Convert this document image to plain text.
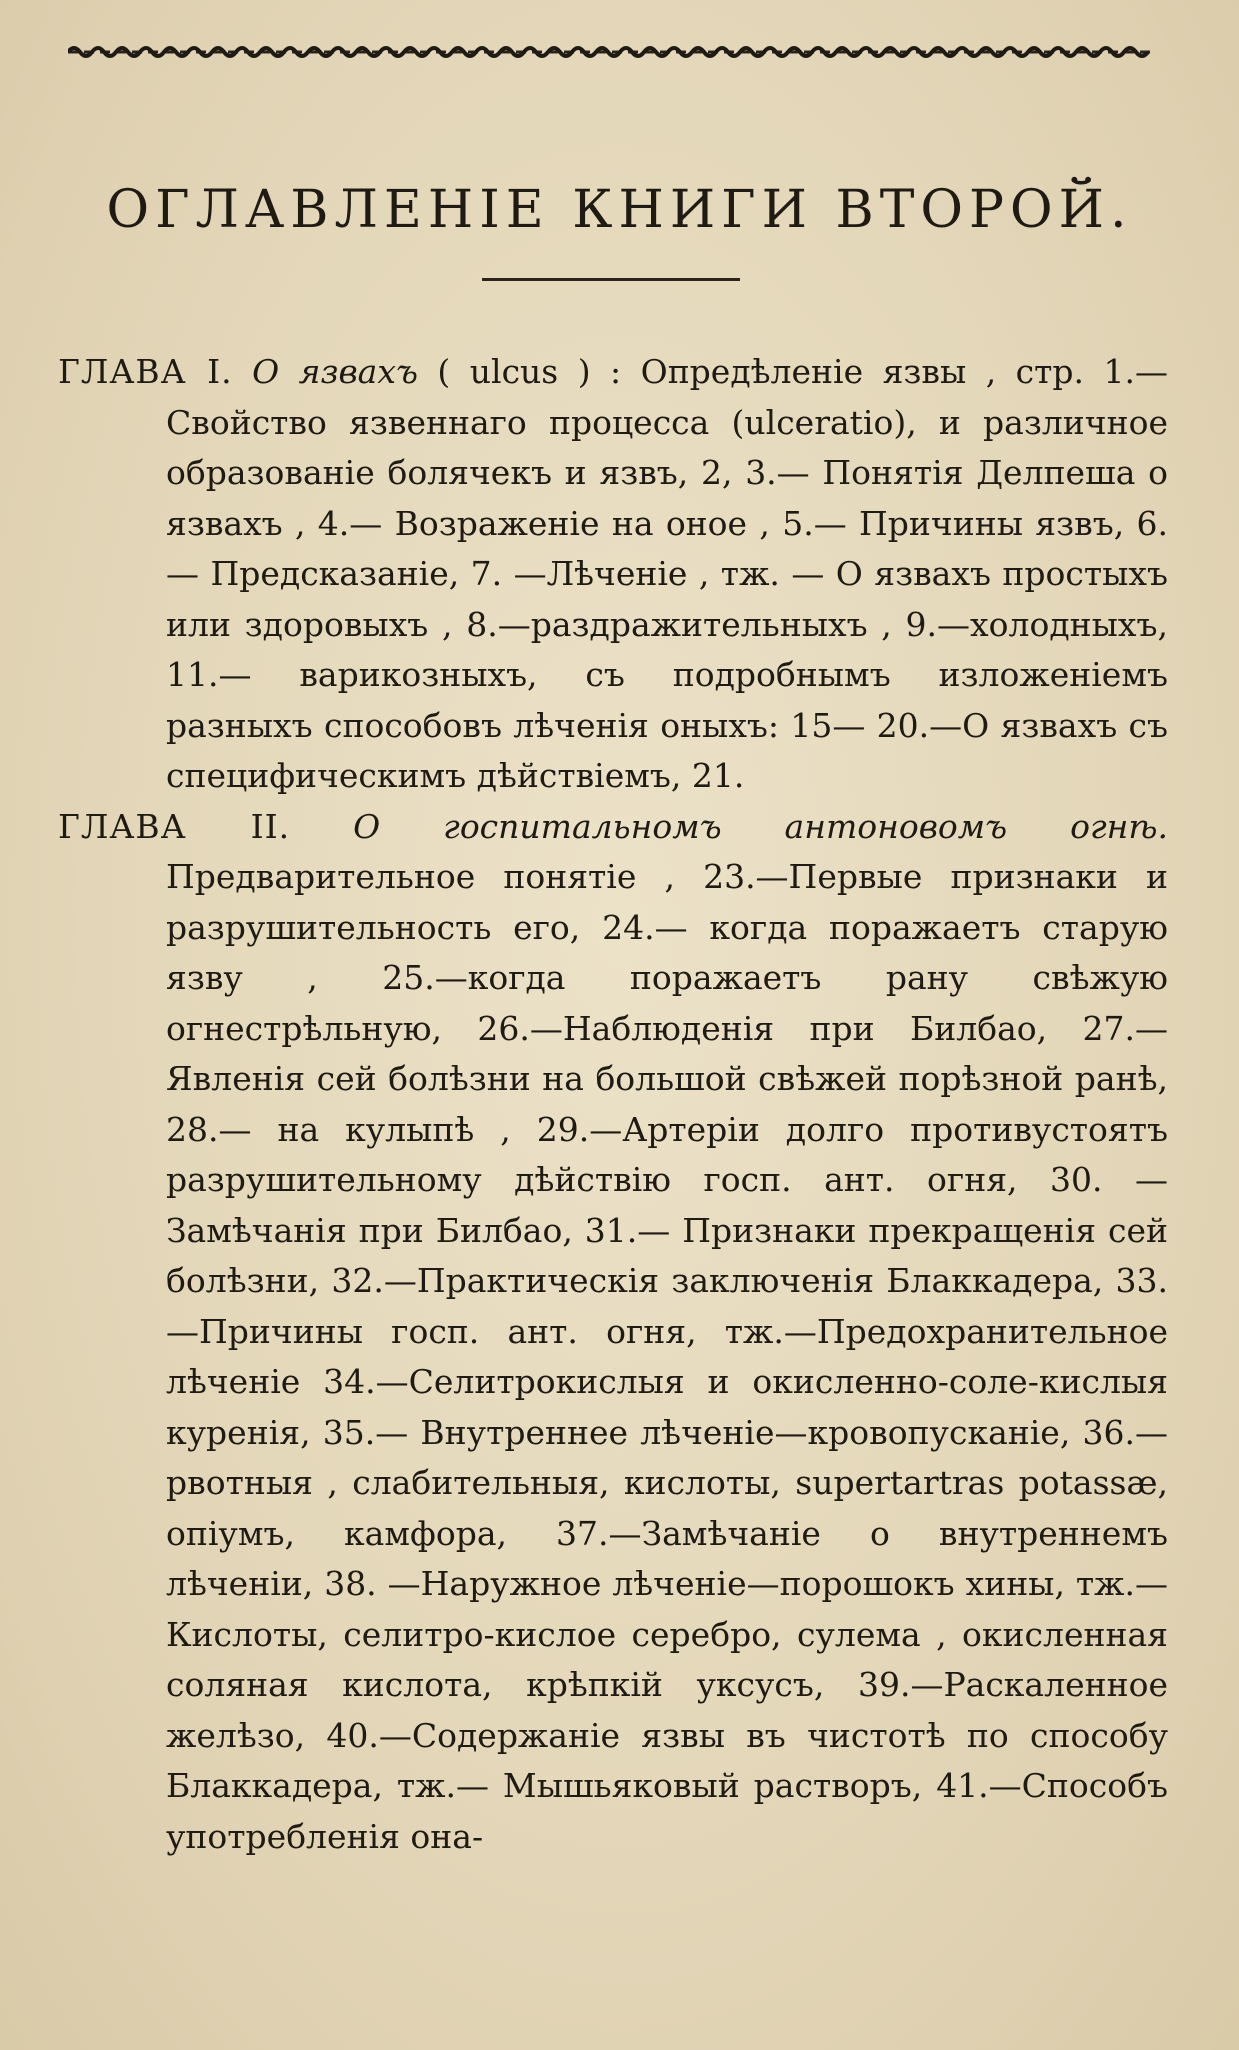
ОГЛАВЛЕНІЕ КНИГИ ВТОРОЙ.

ГЛАВА I. О язвахъ ( ulcus ) : Опредѣленіе язвы , стр. 1.—Свойство язвеннаго процесса (ulceratio), и различное образованіе болячекъ и язвъ, 2, 3.— Понятія Делпеша о язвахъ , 4.— Возраженіе на оное , 5.— Причины язвъ, 6.— Предсказаніе, 7. —Лѣченіе , тж. — О язвахъ простыхъ или здоровыхъ , 8.—раздражительныхъ , 9.—холодныхъ, 11.— варикозныхъ, съ подробнымъ изложеніемъ разныхъ способовъ лѣченія оныхъ: 15— 20.—О язвахъ съ специфическимъ дѣйствіемъ, 21.

ГЛАВА II. О госпитальномъ антоновомъ огнѣ. Предварительное понятіе , 23.—Первые признаки и разрушительность его, 24.— когда поражаетъ старую язву , 25.—когда поражаетъ рану свѣжую огнестрѣльную, 26.—Наблюденія при Билбао, 27.—Явленія сей болѣзни на большой свѣжей порѣзной ранѣ, 28.— на кулыпѣ , 29.—Артеріи долго противустоятъ разрушительному дѣйствію госп. ант. огня, 30. — Замѣчанія при Билбао, 31.— Признаки прекращенія сей болѣзни, 32.—Практическія заключенія Блаккадера, 33.—Причины госп. ант. огня, тж.—Предохранительное лѣченіе 34.—Селитрокислыя и окисленно-соле-кислыя куренія, 35.— Внутреннее лѣченіе—кровопусканіе, 36.—рвотныя , слабительныя, кислоты, supertartras potassæ, опіумъ, камфора, 37.—Замѣчаніе о внутреннемъ лѣченіи, 38. —Наружное лѣченіе—порошокъ хины, тж.—Кислоты, селитро-кислое серебро, сулема , окисленная соляная кислота, крѣпкій уксусъ, 39.—Раскаленное желѣзо, 40.—Содержаніе язвы въ чистотѣ по способу Блаккадера, тж.— Мышьяковый растворъ, 41.—Способъ употребленія она-
